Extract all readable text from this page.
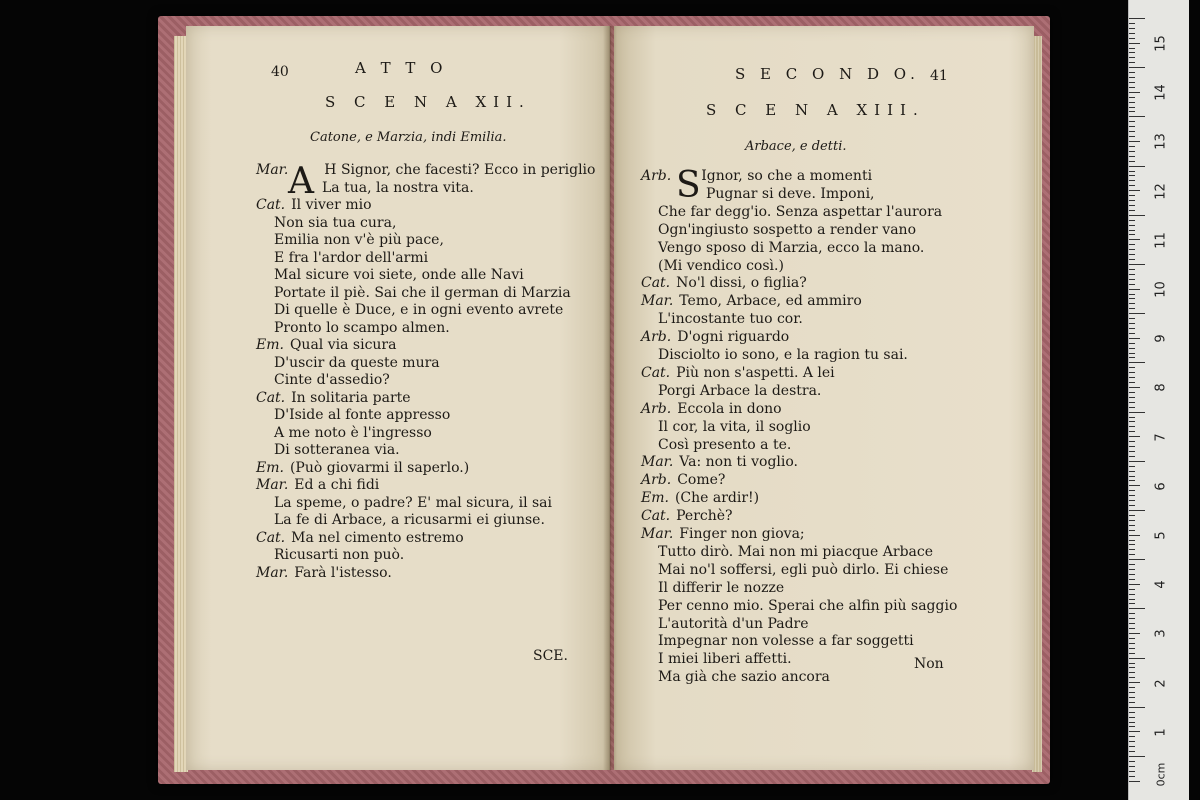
40	A T T O
S C E N A XII.
Catone, e Marzia, indi Emilia.
A
Mar.	H Signor, che facesti? Ecco in periglio
La tua, la nostra vita.
Cat. Il viver mio
Non sia tua cura,
Emilia non v'è più pace,
E fra l'ardor dell'armi
Mal sicure voi siete, onde alle Navi
Portate il piè. Sai che il german di Marzia
Di quelle è Duce, e in ogni evento avrete
Pronto lo scampo almen.
Em. Qual via sicura
D'uscir da queste mura
Cinte d'assedio?
Cat. In solitaria parte
D'Iside al fonte appresso
A me noto è l'ingresso
Di sotteranea via.
Em. (Può giovarmi il saperlo.)
Mar. Ed a chi fidi
La speme, o padre? E' mal sicura, il sai
La fe di Arbace, a ricusarmi ei giunse.
Cat. Ma nel cimento estremo
Ricusarti non può.
Mar. Farà l'istesso.
SCE.
S E C O N D O. 41
S C E N A XIII.
Arbace, e detti.
S
Arb. Ignor, so che a momenti
Pugnar si deve. Imponi,
Che far degg'io. Senza aspettar l'aurora
Ogn'ingiusto sospetto a render vano
Vengo sposo di Marzia, ecco la mano.
(Mi vendico così.)
Cat. No'l dissi, o figlia?
Mar. Temo, Arbace, ed ammiro
L'incostante tuo cor.
Arb. D'ogni riguardo
Disciolto io sono, e la ragion tu sai.
Cat. Più non s'aspetti. A lei
Porgi Arbace la destra.
Arb. Eccola in dono
Il cor, la vita, il soglio
Così presento a te.
Mar. Va: non ti voglio.
Arb. Come?
Em. (Che ardir!)
Cat. Perchè?
Mar. Finger non giova;
Tutto dirò. Mai non mi piacque Arbace
Mai no'l soffersi, egli può dirlo. Ei chiese
Il differir le nozze
Per cenno mio. Sperai che alfin più saggio
L'autorità d'un Padre
Impegnar non volesse a far soggetti
I miei liberi affetti.
Ma già che sazio ancora
Non
15
14
13
12
11
10
9
8
7
6
5
4
3
2
1
0cm
